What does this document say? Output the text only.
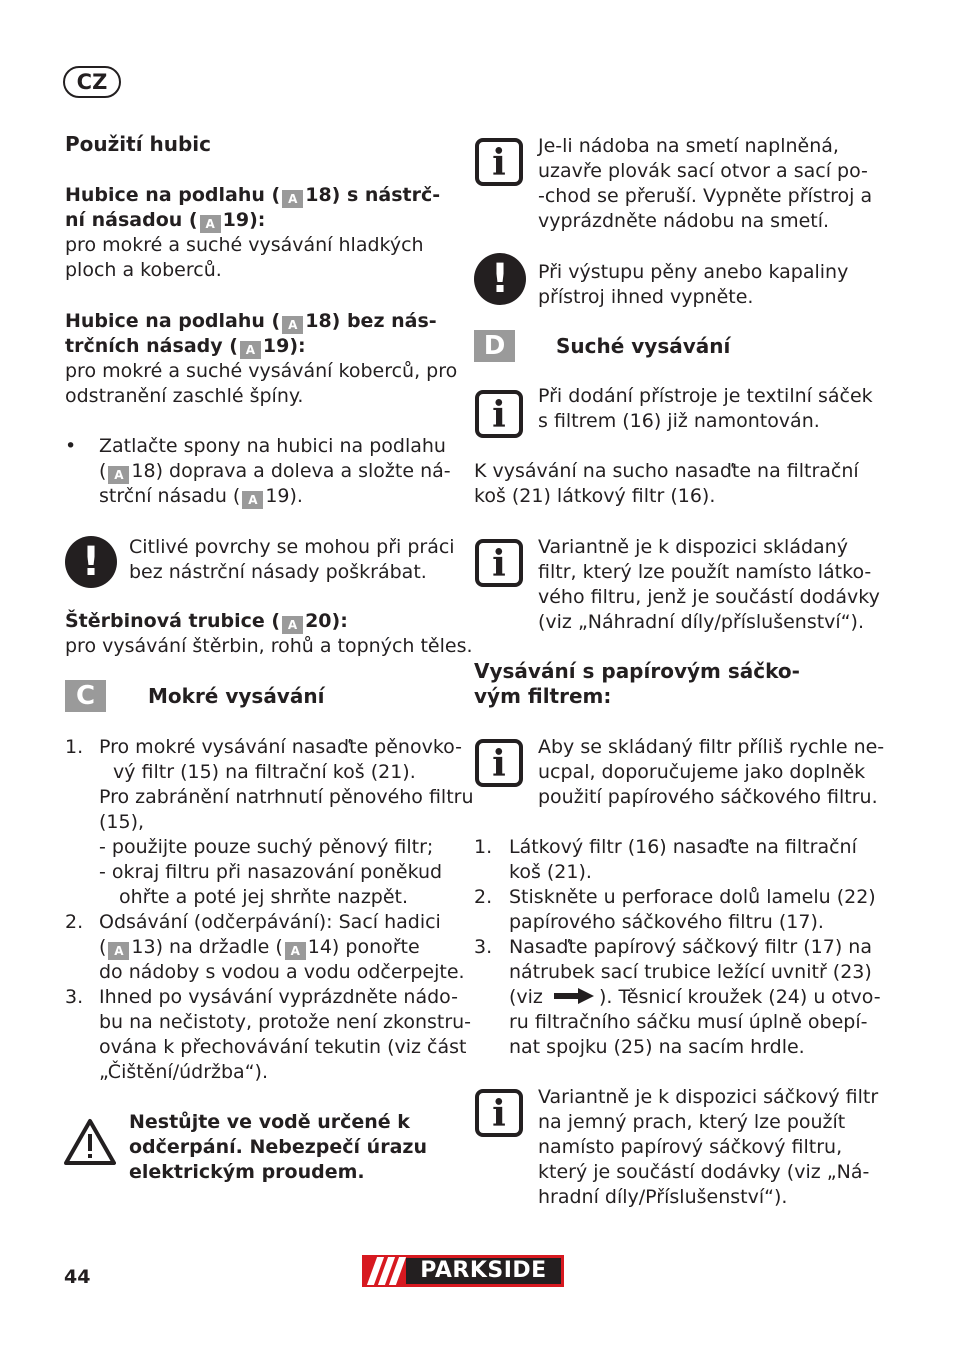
CZ
Použití hubic
Hubice na podlahu ( A 18) s nástrč-
ní násadou ( A 19):
pro mokré a suché vysávání hladkých
ploch a koberců.
Hubice na podlahu ( A 18) bez nás-
trčních násady ( A 19):
pro mokré a suché vysávání koberců, pro
odstranění zaschlé špíny.
• Zatlačte spony na hubici na podlahu
( A 18) doprava a doleva a složte ná-
strční násadu ( A 19).
!	Citlivé povrchy se mohou při práci
bez nástrční násady poškrábat.
Štěrbinová trubice ( A 20):
pro vysávání štěrbin, rohů a topných těles.
C	Mokré vysávání
1. Pro mokré vysávání nasaďte pěnovko-
vý filtr (15) na filtrační koš (21).
Pro zabránění natrhnutí pěnového filtru
(15),
- použijte pouze suchý pěnový filtr;
- okraj filtru při nasazování poněkud
ohřte a poté jej shrňte nazpět.
2. Odsávání (odčerpávání): Sací hadici
( A 13) na držadle ( A 14) ponořte
do nádoby s vodou a vodu odčerpejte.
3. Ihned po vysávání vyprázdněte nádo-
bu na nečistoty, protože není zkonstru-
ována k přechovávání tekutin (viz část
„Čištění/údržba“).
Nestůjte ve vodě určené k
odčerpání. Nebezpečí úrazu
elektrickým proudem.
i	Je-li nádoba na smetí naplněná,
uzavře plovák sací otvor a sací po-
-chod se přeruší. Vypněte přístroj a
vyprázdněte nádobu na smetí.
!	Při výstupu pěny anebo kapaliny
přístroj ihned vypněte.
D	Suché vysávání
i	Při dodání přístroje je textilní sáček
s filtrem (16) již namontován.
K vysávání na sucho nasaďte na filtrační
koš (21) látkový filtr (16).
i	Variantně je k dispozici skládaný
filtr, který lze použít namísto látko-
vého filtru, jenž je součástí dodávky
(viz „Náhradní díly/příslušenství“).
Vysávání s papírovým sáčko-
vým filtrem:
i	Aby se skládaný filtr příliš rychle ne-
ucpal, doporučujeme jako doplněk
použití papírového sáčkového filtru.
1. Látkový filtr (16) nasaďte na filtrační
koš (21).
2. Stiskněte u perforace dolů lamelu (22)
papírového sáčkového filtru (17).
3. Nasaďte papírový sáčkový filtr (17) na
nátrubek sací trubice ležící uvnitř (23)
(viz	). Těsnicí kroužek (24) u otvo-
ru filtračního sáčku musí úplně obepí-
nat spojku (25) na sacím hrdle.
i	Variantně je k dispozici sáčkový filtr
na jemný prach, který lze použít
namísto papírový sáčkový filtru,
který je součástí dodávky (viz „Ná-
hradní díly/Příslušenství“).
44	PARKSIDE
